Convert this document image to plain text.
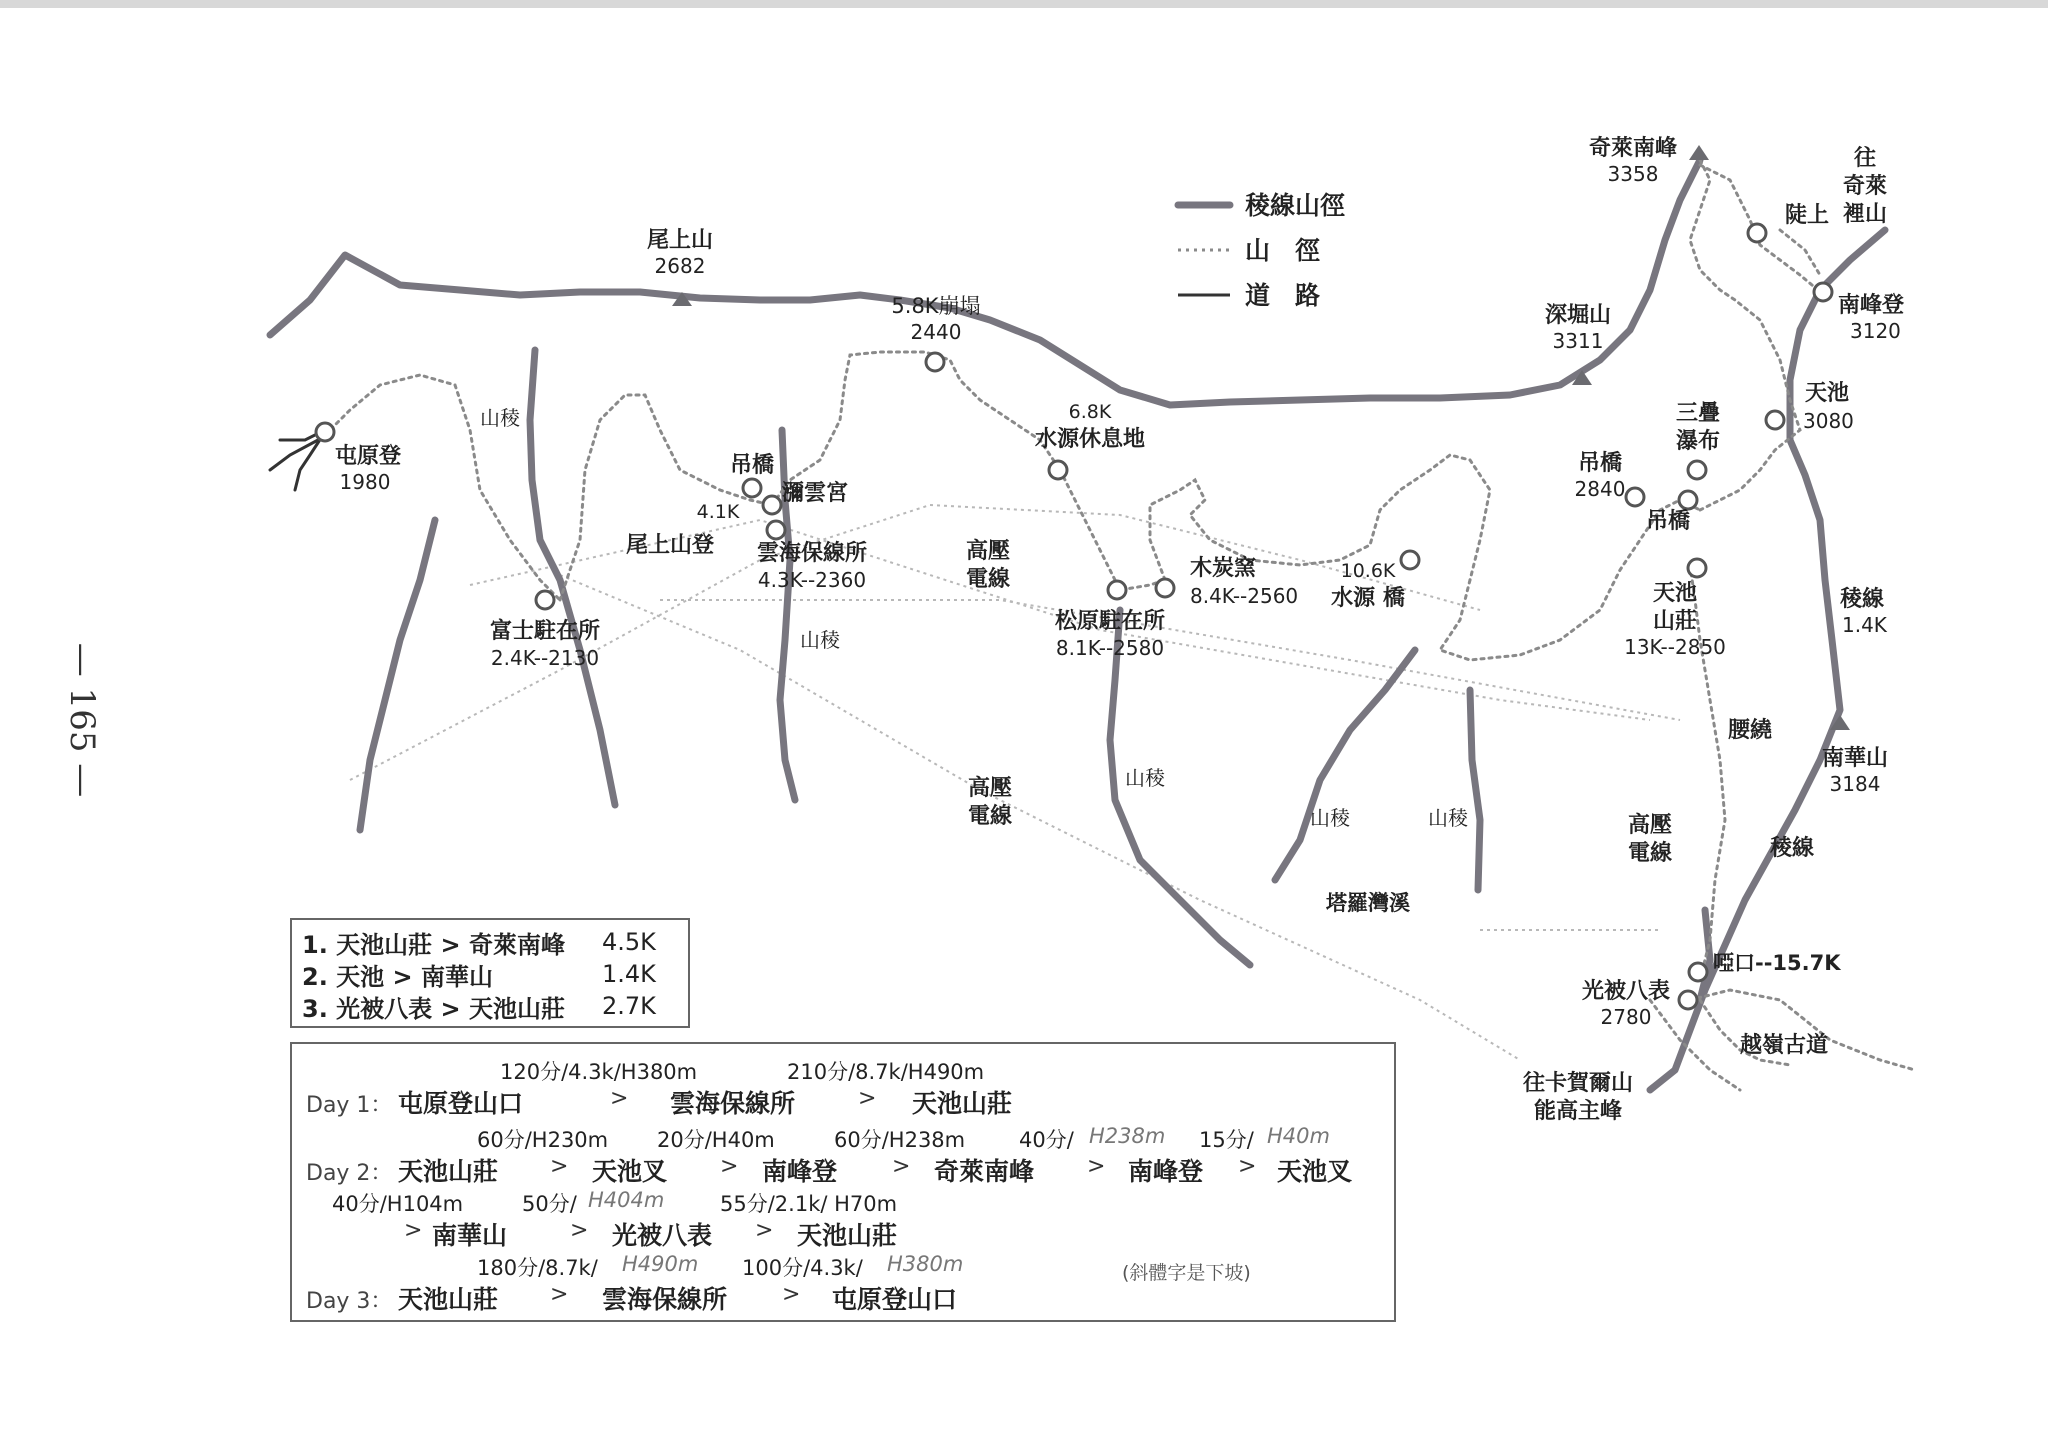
稜線山徑
山　徑
道　路
尾上山
2682
5.8K崩塌
2440
奇萊南峰
3358
往
奇萊
裡山
陡上
南峰登
3120
深堀山
3311
天池
3080
三疊
瀑布
吊橋
2840
吊橋
天池
山莊
13K--2850
稜線
1.4K
腰繞
南華山
3184
稜線
屯原登
1980
山稜
富士駐在所
2.4K--2130
吊橋
4.1K
瀰雲宮
尾上山登 雲海保線所
4.3K--2360
山稜
高壓
電線
6.8K
水源休息地
松原駐在所
8.1K--2580
木炭窯
8.4K--2560
10.6K
水源 橋
高壓
電線
山稜
山稜	山稜
塔羅灣溪
高壓
電線
啞口--15.7K
光被八表
2780
越嶺古道
往卡賀爾山
能高主峰
— 165 —
1. 天池山莊 > 奇萊南峰	4.5K
2. 天池 > 南華山	1.4K
3. 光被八表 > 天池山莊	2.7K
120分/4.3k/H380m	210分/8.7k/H490m
Day 1： 屯原登山口	> 雲海保線所	> 天池山莊
60分/H230m 20分/H40m	60分/H238m	40分/ H238m 15分/ H40m
Day 2： 天池山莊 > 天池叉 > 南峰登 > 奇萊南峰 > 南峰登 > 天池叉
40分/H104m	50分/ H404m	55分/2.1k/ H70m
> 南華山	> 光被八表 > 天池山莊
180分/8.7k/ H490m 100分/4.3k/ H380m	(斜體字是下坡)
Day 3： 天池山莊 > 雲海保線所 > 屯原登山口
